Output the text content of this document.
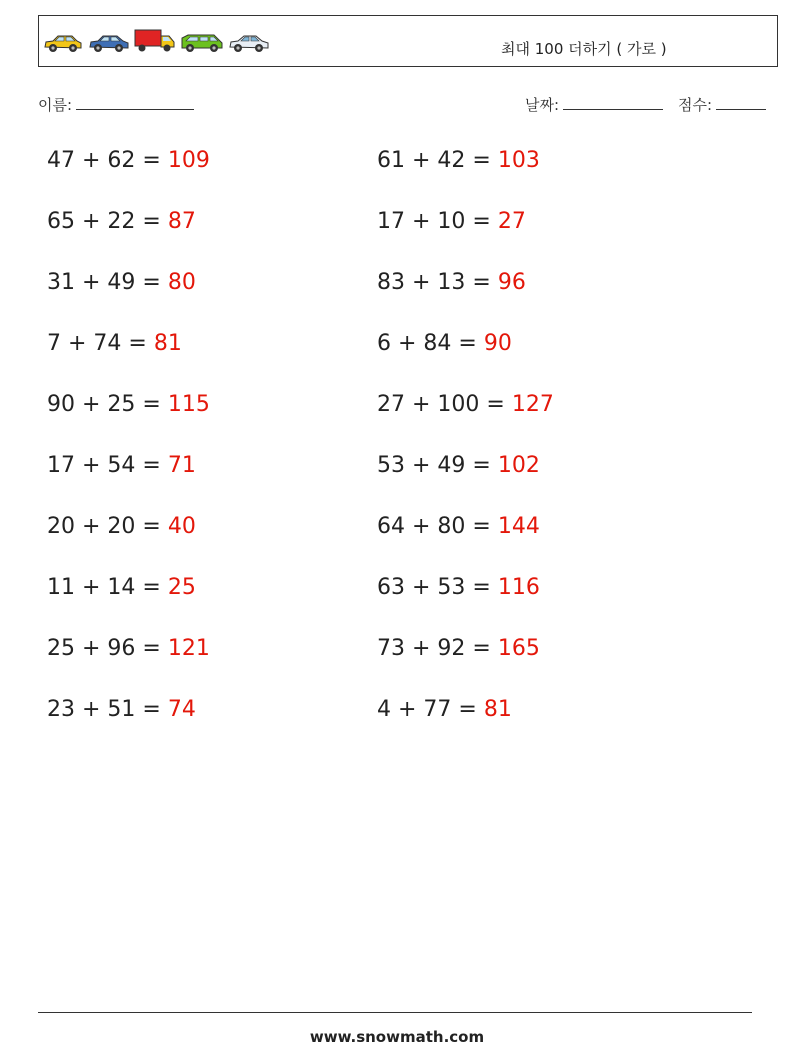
최대 100 더하기 ( 가로 )
이름:	날짜:	점수:
47 + 62 = 109	61 + 42 = 103
65 + 22 = 87	17 + 10 = 27
31 + 49 = 80	83 + 13 = 96
7 + 74 = 81	6 + 84 = 90
90 + 25 = 115	27 + 100 = 127
17 + 54 = 71	53 + 49 = 102
20 + 20 = 40	64 + 80 = 144
11 + 14 = 25	63 + 53 = 116
25 + 96 = 121	73 + 92 = 165
23 + 51 = 74	4 + 77 = 81
www.snowmath.com
